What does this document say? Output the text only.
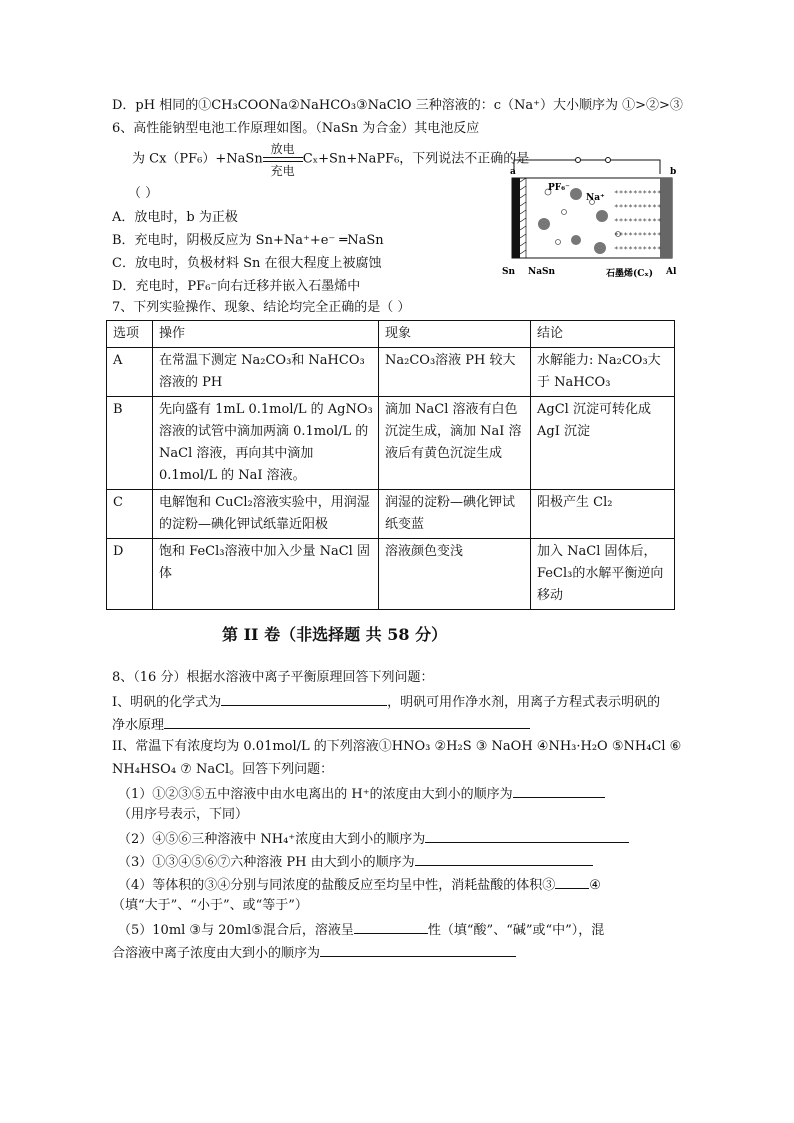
D．pH 相同的①CH₃COONa②NaHCO₃③NaClO 三种溶液的：c（Na⁺）大小顺序为 ①>②>③
6、高性能钠型电池工作原理如图。（NaSn 为合金）其电池反应
为 Cx（PF₆）+NaSn $\frac{\text{放电}}{\text{充电}}$ Cₓ+Sn+NaPF₆，下列说法不正确的是
（ ）
A．放电时，b 为正极
B．充电时，阴极反应为 Sn+Na⁺+e⁻ ═NaSn
C．放电时，负极材料 Sn 在很大程度上被腐蚀
D．充电时，PF₆⁻向右迁移并嵌入石墨烯中
a	b
∗∗∗∗∗∗∗∗∗∗
∗∗∗∗∗∗∗∗∗∗
∗∗∗∗∗∗∗∗∗∗
∗∗∗∗∗∗∗∗∗∗
∗∗∗∗∗∗∗∗∗∗
PF₆⁻
Na⁺
Sn NaSn	石墨烯(Cₓ) Al
7、下列实验操作、现象、结论均完全正确的是（ ）
选项	操作	现象	结论
A	在常温下测定 Na₂CO₃和 NaHCO₃溶液的 PH	Na₂CO₃溶液 PH 较大	水解能力: Na₂CO₃大于 NaHCO₃
B	先向盛有 1mL 0.1mol/L 的 AgNO₃溶液的试管中滴加两滴 0.1mol/L 的 NaCl 溶液，再向其中滴加 0.1mol/L 的 NaI 溶液。	滴加 NaCl 溶液有白色沉淀生成，滴加 NaI 溶液后有黄色沉淀生成	AgCl 沉淀可转化成 AgI 沉淀
C	电解饱和 CuCl₂溶液实验中，用润湿的淀粉—碘化钾试纸靠近阳极	润湿的淀粉—碘化钾试纸变蓝	阳极产生 Cl₂
D	饱和 FeCl₃溶液中加入少量 NaCl 固体	溶液颜色变浅	加入 NaCl 固体后，FeCl₃的水解平衡逆向移动
第 II 卷（非选择题 共 58 分）
8、（16 分）根据水溶液中离子平衡原理回答下列问题：
I、明矾的化学式为	，明矾可用作净水剂，用离子方程式表示明矾的
净水原理
II、常温下有浓度均为 0.01mol/L 的下列溶液①HNO₃ ②H₂S ③ NaOH ④NH₃·H₂O ⑤NH₄Cl ⑥
NH₄HSO₄ ⑦ NaCl。回答下列问题：
（1）①②③⑤五中溶液中由水电离出的 H⁺的浓度由大到小的顺序为
（用序号表示，下同）
（2）④⑤⑥三种溶液中 NH₄⁺浓度由大到小的顺序为
（3）①③④⑤⑥⑦六种溶液 PH 由大到小的顺序为
（4）等体积的③④分别与同浓度的盐酸反应至均呈中性，消耗盐酸的体积③	④
（填“大于”、“小于”、或“等于”）
（5）10ml ③与 20ml⑤混合后，溶液呈	性（填“酸”、“碱”或“中”），混
合溶液中离子浓度由大到小的顺序为
